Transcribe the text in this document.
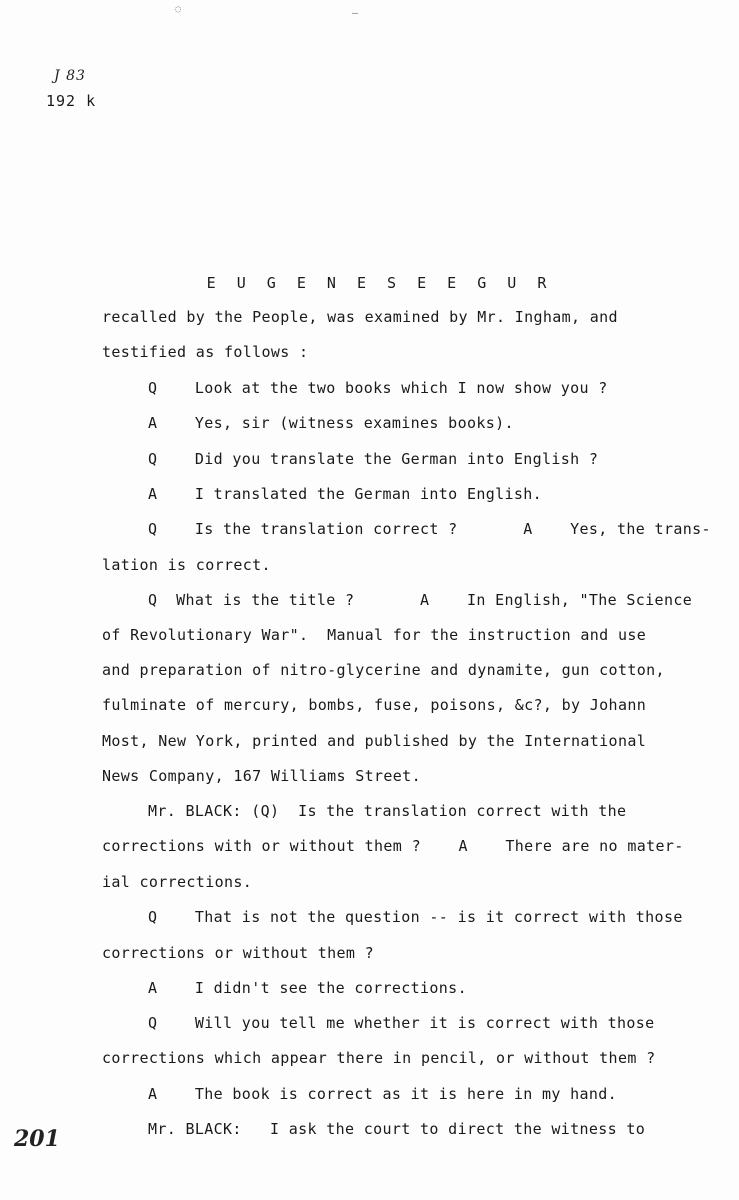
◌	—
J 83
192 k
E U G E N E S E E G U R
recalled by the People, was examined by Mr. Ingham, and
testified as follows :
Q    Look at the two books which I now show you ?
A    Yes, sir (witness examines books).
Q    Did you translate the German into English ?
A    I translated the German into English.
Q    Is the translation correct ?       A    Yes, the trans-
lation is correct.
Q  What is the title ?       A    In English, "The Science
of Revolutionary War".  Manual for the instruction and use
and preparation of nitro-glycerine and dynamite, gun cotton,
fulminate of mercury, bombs, fuse, poisons, &c?, by Johann
Most, New York, printed and published by the International
News Company, 167 Williams Street.
Mr. BLACK: (Q)  Is the translation correct with the
corrections with or without them ?    A    There are no mater-
ial corrections.
Q    That is not the question -- is it correct with those
corrections or without them ?
A    I didn't see the corrections.
Q    Will you tell me whether it is correct with those
corrections which appear there in pencil, or without them ?
A    The book is correct as it is here in my hand.
Mr. BLACK:   I ask the court to direct the witness to
201
